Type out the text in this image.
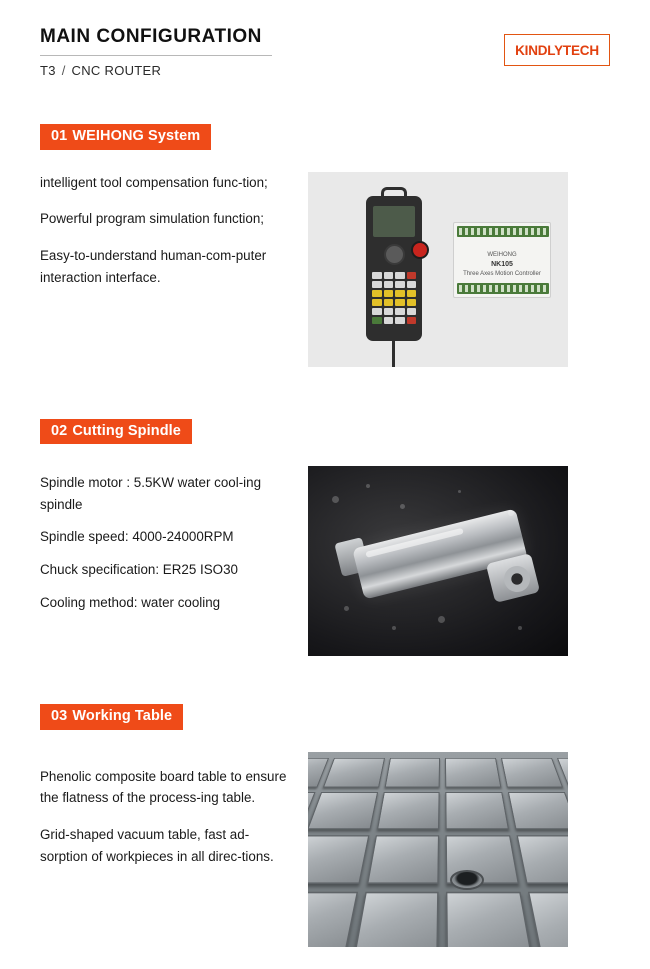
MAIN CONFIGURATION
T3 / CNC ROUTER
KINDLYTECH
01 WEIHONG System

intelligent tool compensation func-tion;

Powerful program simulation function;

Easy-to-understand human-com-puter interaction interface.

WEIHONG
NK105
Three Axes Motion Controller
02 Cutting Spindle

Spindle motor : 5.5KW water cool-ing spindle

Spindle speed: 4000-24000RPM

Chuck specification: ER25 ISO30

Cooling method: water cooling

03 Working Table

Phenolic composite board table to ensure the flatness of the process-ing table.

Grid-shaped vacuum table, fast ad-sorption of workpieces in all direc-tions.
